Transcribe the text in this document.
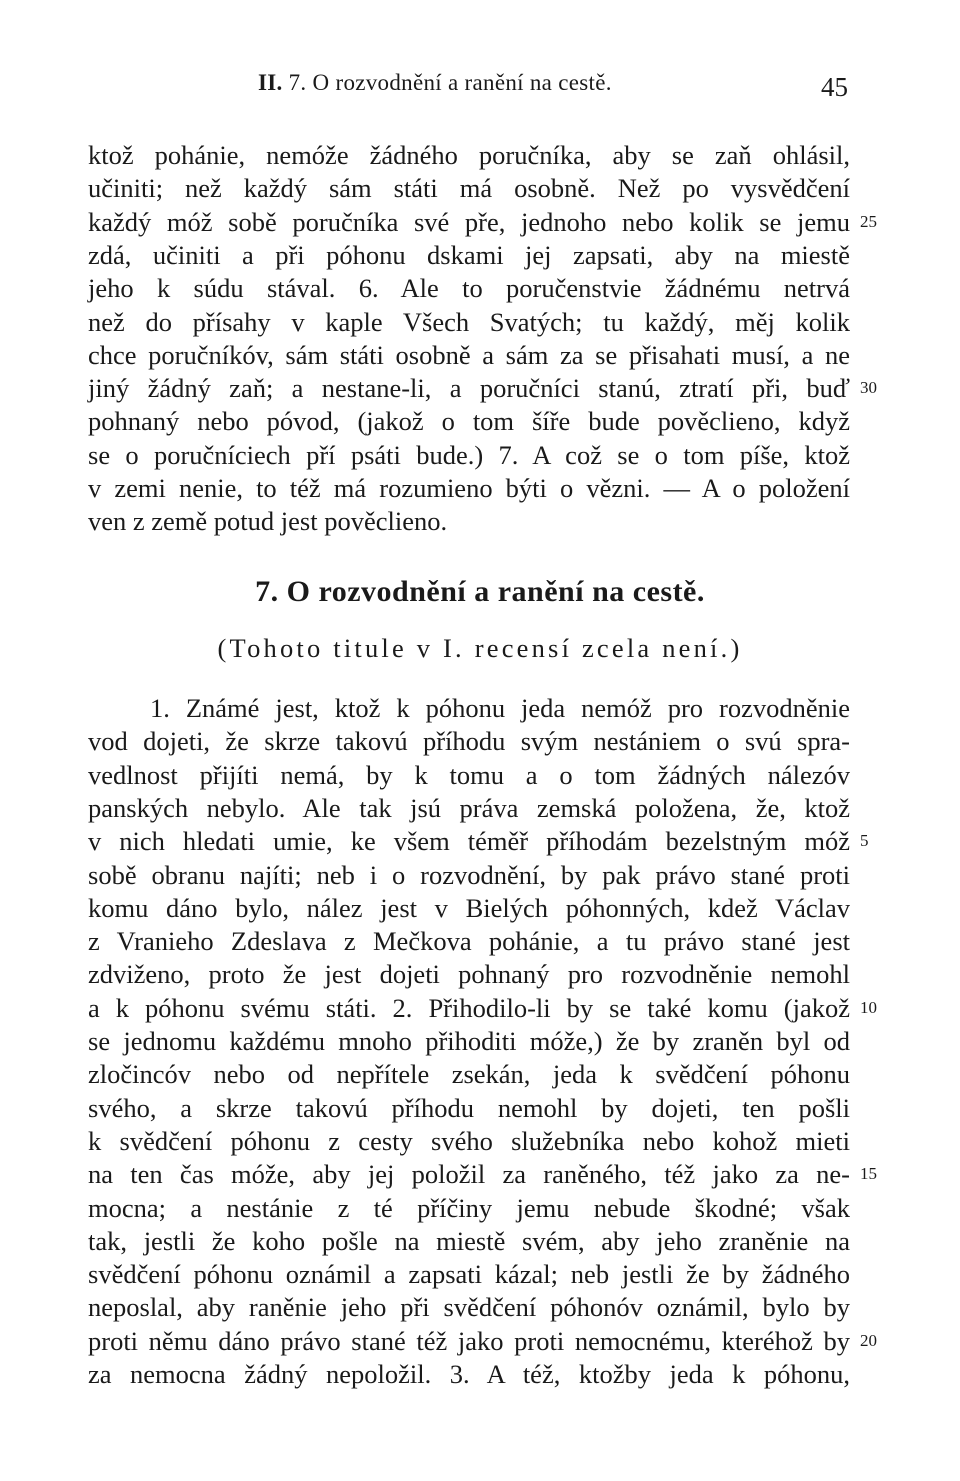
II. 7. O rozvodnění a ranění na cestě.	45
ktož pohánie, nemóže žádného poručníka, aby se zaň ohlásil,
učiniti; než každý sám státi má osobně. Než po vysvědčení
každý móž sobě poručníka své pře, jednoho nebo kolik se jemu 25
zdá, učiniti a při póhonu dskami jej zapsati, aby na miestě
jeho k súdu stával. 6. Ale to poručenstvie žádnému netrvá
než do přísahy v kaple Všech Svatých; tu každý, měj kolik
chce poručníkóv, sám státi osobně a sám za se přisahati musí, a ne
jiný žádný zaň; a nestane-li, a poručníci stanú, ztratí při, buď 30
pohnaný nebo póvod, (jakož o tom šíře bude pověclieno, když
se o poručníciech pří psáti bude.) 7. A což se o tom píše, ktož
v zemi nenie, to též má rozumieno býti o vězni. — A o položení
ven z země potud jest pověclieno.
7. O rozvodnění a ranění na cestě.
(Tohoto titule v I. recensí zcela není.)
1. Známé jest, ktož k póhonu jeda nemóž pro rozvodněnie
vod dojeti, že skrze takovú příhodu svým nestániem o svú spra-
vedlnost přijíti nemá, by k tomu a o tom žádných nálezóv
panských nebylo. Ale tak jsú práva zemská položena, že, ktož
v nich hledati umie, ke všem téměř příhodám bezelstným móž 5
sobě obranu najíti; neb i o rozvodnění, by pak právo stané proti
komu dáno bylo, nález jest v Bielých póhonných, kdež Václav
z Vranieho Zdeslava z Mečkova pohánie, a tu právo stané jest
zdviženo, proto že jest dojeti pohnaný pro rozvodněnie nemohl
a k póhonu svému státi. 2. Přihodilo-li by se také komu (jakož 10
se jednomu každému mnoho přihoditi móže,) že by zraněn byl od
zločincóv nebo od nepřítele zsekán, jeda k svědčení póhonu
svého, a skrze takovú příhodu nemohl by dojeti, ten pošli
k svědčení póhonu z cesty svého služebníka nebo kohož mieti
na ten čas móže, aby jej položil za raněného, též jako za ne- 15
mocna; a nestánie z té příčiny jemu nebude škodné; však
tak, jestli že koho pošle na miestě svém, aby jeho zraněnie na
svědčení póhonu oznámil a zapsati kázal; neb jestli že by žádného
neposlal, aby raněnie jeho při svědčení póhonóv oznámil, bylo by
proti němu dáno právo stané též jako proti nemocnému, kteréhož by 20
za nemocna žádný nepoložil. 3. A též, ktožby jeda k póhonu,
